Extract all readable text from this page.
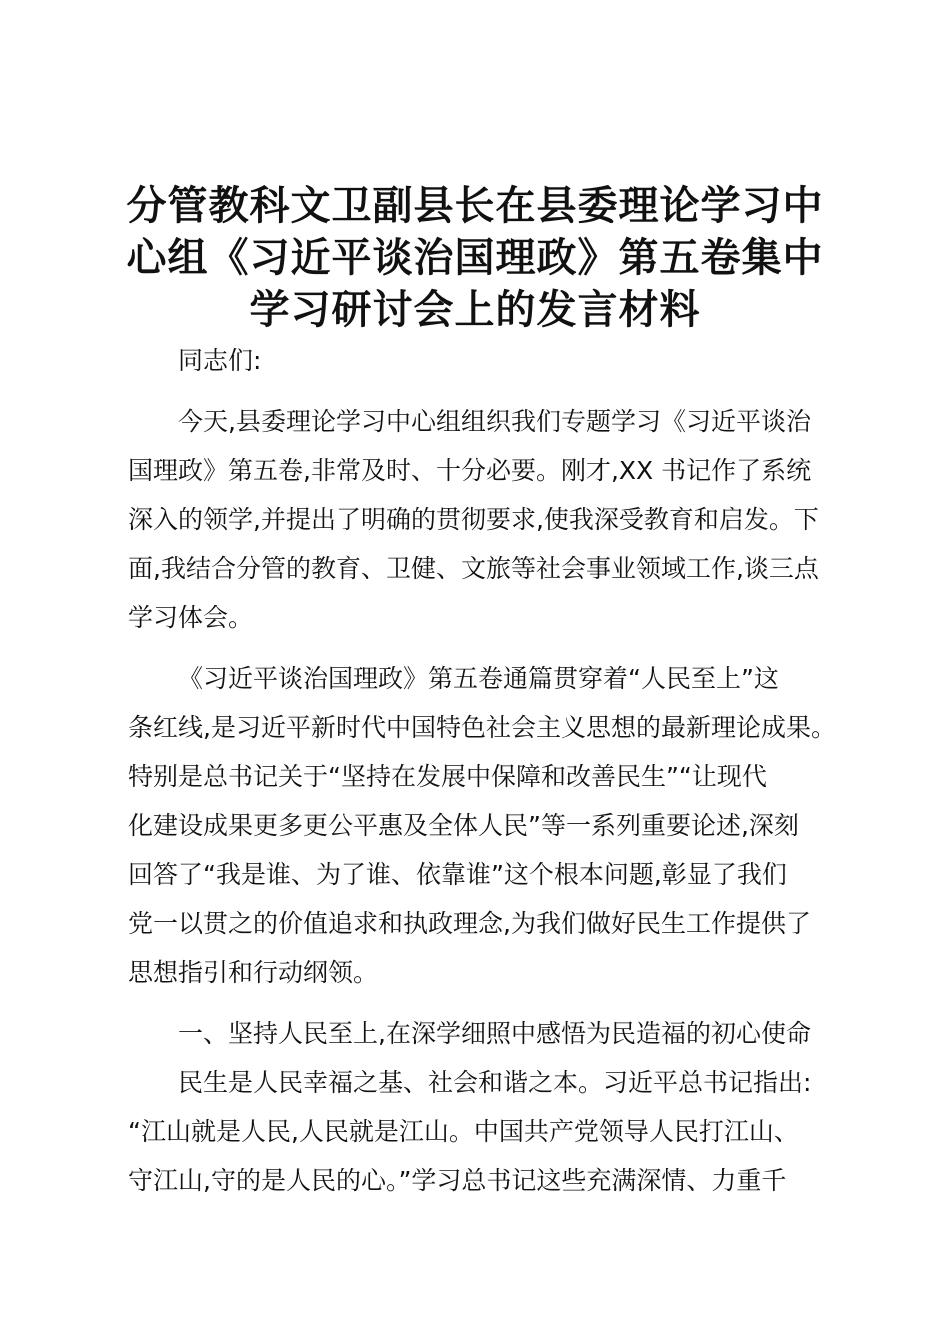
分管教科文卫副县长在县委理论学习中
心组《习近平谈治国理政》第五卷集中
学习研讨会上的发言材料

同志们:

今天,县委理论学习中心组组织我们专题学习《习近平谈治
国理政》第五卷,非常及时、十分必要。刚才,XX 书记作了系统
深入的领学,并提出了明确的贯彻要求,使我深受教育和启发。下
面,我结合分管的教育、卫健、文旅等社会事业领域工作,谈三点
学习体会。

《习近平谈治国理政》第五卷通篇贯穿着“人民至上”这
条红线,是习近平新时代中国特色社会主义思想的最新理论成果。
特别是总书记关于“坚持在发展中保障和改善民生”“让现代
化建设成果更多更公平惠及全体人民”等一系列重要论述,深刻
回答了“我是谁、为了谁、依靠谁”这个根本问题,彰显了我们
党一以贯之的价值追求和执政理念,为我们做好民生工作提供了
思想指引和行动纲领。

一、坚持人民至上,在深学细照中感悟为民造福的初心使命

民生是人民幸福之基、社会和谐之本。习近平总书记指出:
“江山就是人民,人民就是江山。中国共产党领导人民打江山、
守江山,守的是人民的心。”学习总书记这些充满深情、力重千
